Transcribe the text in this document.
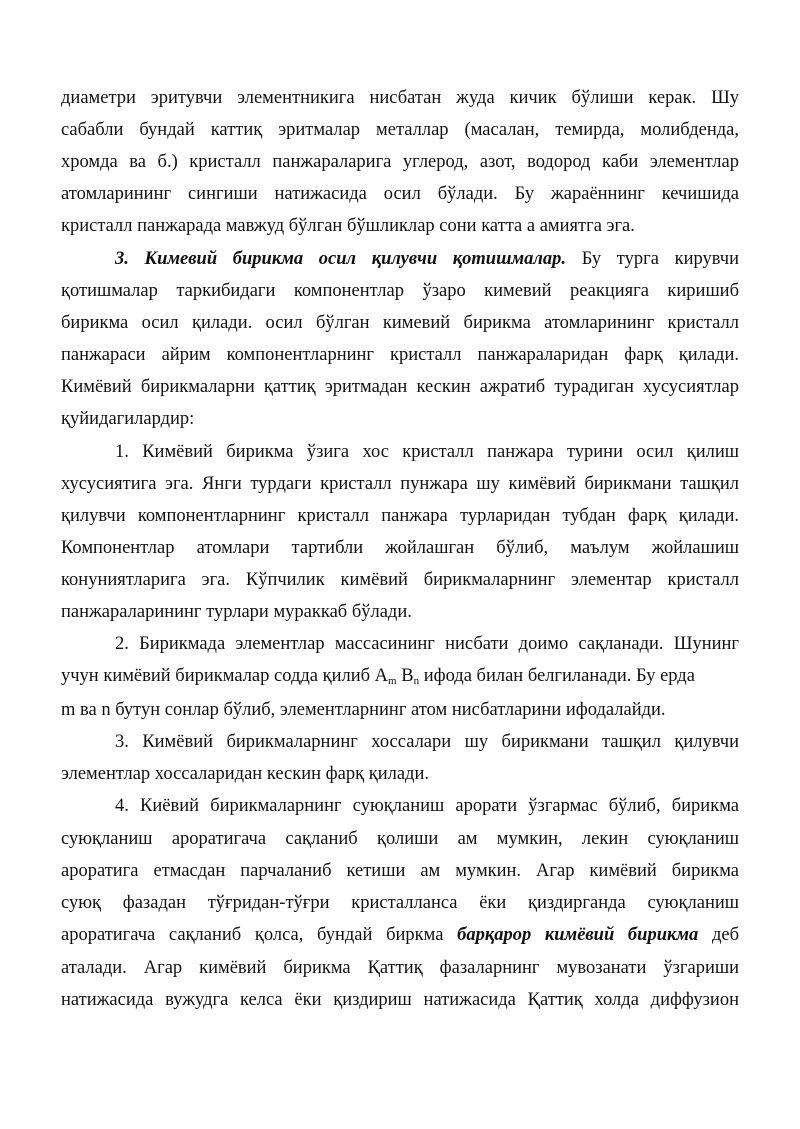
диаметри эритувчи элементникига нисбатан жуда кичик бўлиши керак. Шу
сабабли бундай каттиқ эритмалар металлар (масалан, темирда, молибденда,
хромда ва б.) кристалл панжараларига углерод, азот, водород каби элементлар
атомларининг сингиши натижасида осил бўлади. Бу жараённинг кечишида
кристалл панжарада мавжуд бўлган бўшликлар сони катта а амиятга эга.
3. Кимевий бирикма осил қилувчи қотишмалар. Бу турга кирувчи
қотишмалар таркибидаги компонентлар ўзаро кимевий реакцияга киришиб
бирикма осил қилади. осил бўлган кимевий бирикма атомларининг кристалл
панжараси айрим компонентларнинг кристалл панжараларидан фарқ қилади.
Кимёвий бирикмаларни қаттиқ эритмадан кескин ажратиб турадиган хусусиятлар
қуйидагилардир:
1. Кимёвий бирикма ўзига хос кристалл панжара турини осил қилиш
хусусиятига эга. Янги турдаги кристалл пунжара шу кимёвий бирикмани ташқил
қилувчи компонентларнинг кристалл панжара турларидан тубдан фарқ қилади.
Компонентлар атомлари тартибли жойлашган бўлиб, маълум жойлашиш
конуниятларига эга. Кўпчилик кимёвий бирикмаларнинг элементар кристалл
панжараларининг турлари мураккаб бўлади.
2. Бирикмада элементлар массасининг нисбати доимо сақланади. Шунинг
учун кимёвий бирикмалар содда қилиб $A_m$ $B_n$ ифода билан белгиланади. Бу ерда
m ва n бутун сонлар бўлиб, элементларнинг атом нисбатларини ифодалайди.
3. Кимёвий бирикмаларнинг хоссалари шу бирикмани ташқил қилувчи
элементлар хоссаларидан кескин фарқ қилади.
4. Киёвий бирикмаларнинг суюқланиш арорати ўзгармас бўлиб, бирикма
суюқланиш ароратигача сақланиб қолиши ам мумкин, лекин суюқланиш
ароратига етмасдан парчаланиб кетиши ам мумкин. Агар кимёвий бирикма
суюқ фазадан тўғридан-тўғри кристалланса ёки қиздирганда суюқланиш
ароратигача сақланиб қолса, бундай биркма барқарор кимёвий бирикма деб
аталади. Агар кимёвий бирикма Қаттиқ фазаларнинг мувозанати ўзгариши
натижасида вужудга келса ёки қиздириш натижасида Қаттиқ холда диффузион
